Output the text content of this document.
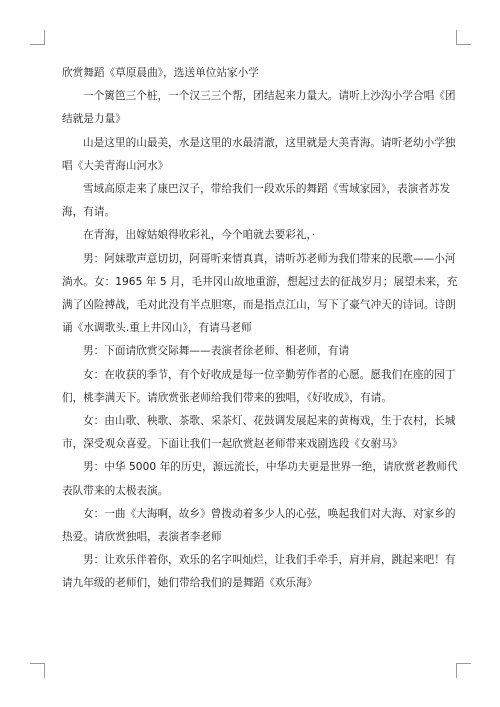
欣赏舞蹈《草原晨曲》，选送单位站家小学
一个篱笆三个桩，一个汉三三个帮，团结起来力量大。请听上沙沟小学合唱《团
结就是力量》
山是这里的山最美，水是这里的水最清澈，这里就是大美青海。请听老幼小学独
唱《大美青海山河水》
雪域高原走来了康巴汉子，带给我们一段欢乐的舞蹈《雪域家园》，表演者苏发
海，有请。
在青海，出嫁姑娘得收彩礼，今个咱就去要彩礼，·
男：阿妹歌声意切切，阿哥听来情真真，请听苏老师为我们带来的民歌——小河
淌水。女：1965 年 5 月，毛井冈山故地重游，想起过去的征战岁月；展望未来，充
满了凶险搏战，毛对此没有半点胆寒，而是指点江山，写下了豪气冲天的诗词。诗朗
诵《水调歌头.重上井冈山》，有请马老师
男：下面请欣赏交际舞——表演者徐老师、相老师，有请
女：在收获的季节，有个好收成是每一位辛勤劳作者的心愿。愿我们在座的园丁
们，桃李满天下。请欣赏张老师给我们带来的独唱，《好收成》，有请。
女：由山歌、秧歌、茶歌、采茶灯、花鼓调发展起来的黄梅戏，生于农村，长城
市，深受观众喜爱。下面让我们一起欣赏赵老师带来戏剧选段《女驸马》
男：中华 5000 年的历史，源远流长，中华功夫更是世界一绝，请欣赏老教师代
表队带来的太极表演。
女：一曲《大海啊，故乡》曾拨动着多少人的心弦，唤起我们对大海、对家乡的
热爱。请欣赏独唱，表演者李老师
男：让欢乐伴着你，欢乐的名字叫灿烂，让我们手牵手，肩并肩，跳起来吧！有
请九年级的老师们，她们带给我们的是舞蹈《欢乐海》
